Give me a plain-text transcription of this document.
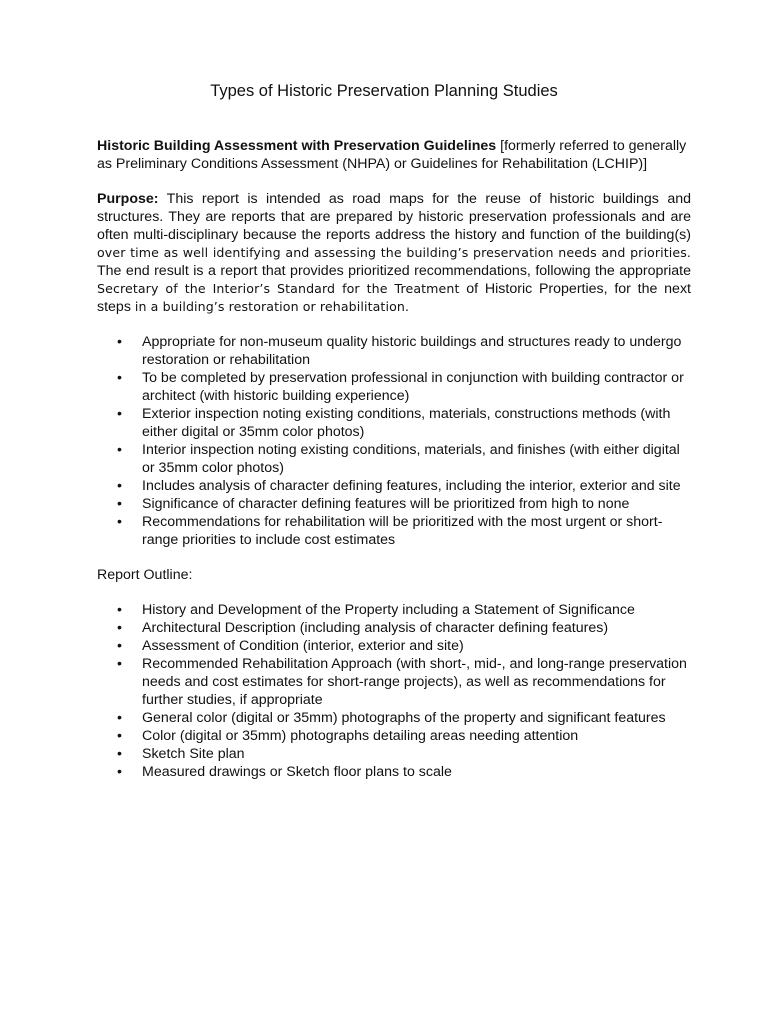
Types of Historic Preservation Planning Studies

Historic Building Assessment with Preservation Guidelines [formerly referred to generally as Preliminary Conditions Assessment (NHPA) or Guidelines for Rehabilitation (LCHIP)]

Purpose: This report is intended as road maps for the reuse of historic buildings and structures. They are reports that are prepared by historic preservation professionals and are often multi-disciplinary because the reports address the history and function of the building(s) over time as well identifying and assessing the building’s preservation needs and priorities. The end result is a report that provides prioritized recommendations, following the appropriate Secretary of the Interior’s Standard for the Treatment of Historic Properties, for the next steps in a building’s restoration or rehabilitation.

• Appropriate for non-museum quality historic buildings and structures ready to undergo restoration or rehabilitation
• To be completed by preservation professional in conjunction with building contractor or architect (with historic building experience)
• Exterior inspection noting existing conditions, materials, constructions methods (with either digital or 35mm color photos)
• Interior inspection noting existing conditions, materials, and finishes (with either digital or 35mm color photos)
• Includes analysis of character defining features, including the interior, exterior and site
• Significance of character defining features will be prioritized from high to none
• Recommendations for rehabilitation will be prioritized with the most urgent or short-range priorities to include cost estimates

Report Outline:

• History and Development of the Property including a Statement of Significance
• Architectural Description (including analysis of character defining features)
• Assessment of Condition (interior, exterior and site)
• Recommended Rehabilitation Approach (with short-, mid-, and long-range preservation needs and cost estimates for short-range projects), as well as recommendations for further studies, if appropriate
• General color (digital or 35mm) photographs of the property and significant features
• Color (digital or 35mm) photographs detailing areas needing attention
• Sketch Site plan
• Measured drawings or Sketch floor plans to scale
